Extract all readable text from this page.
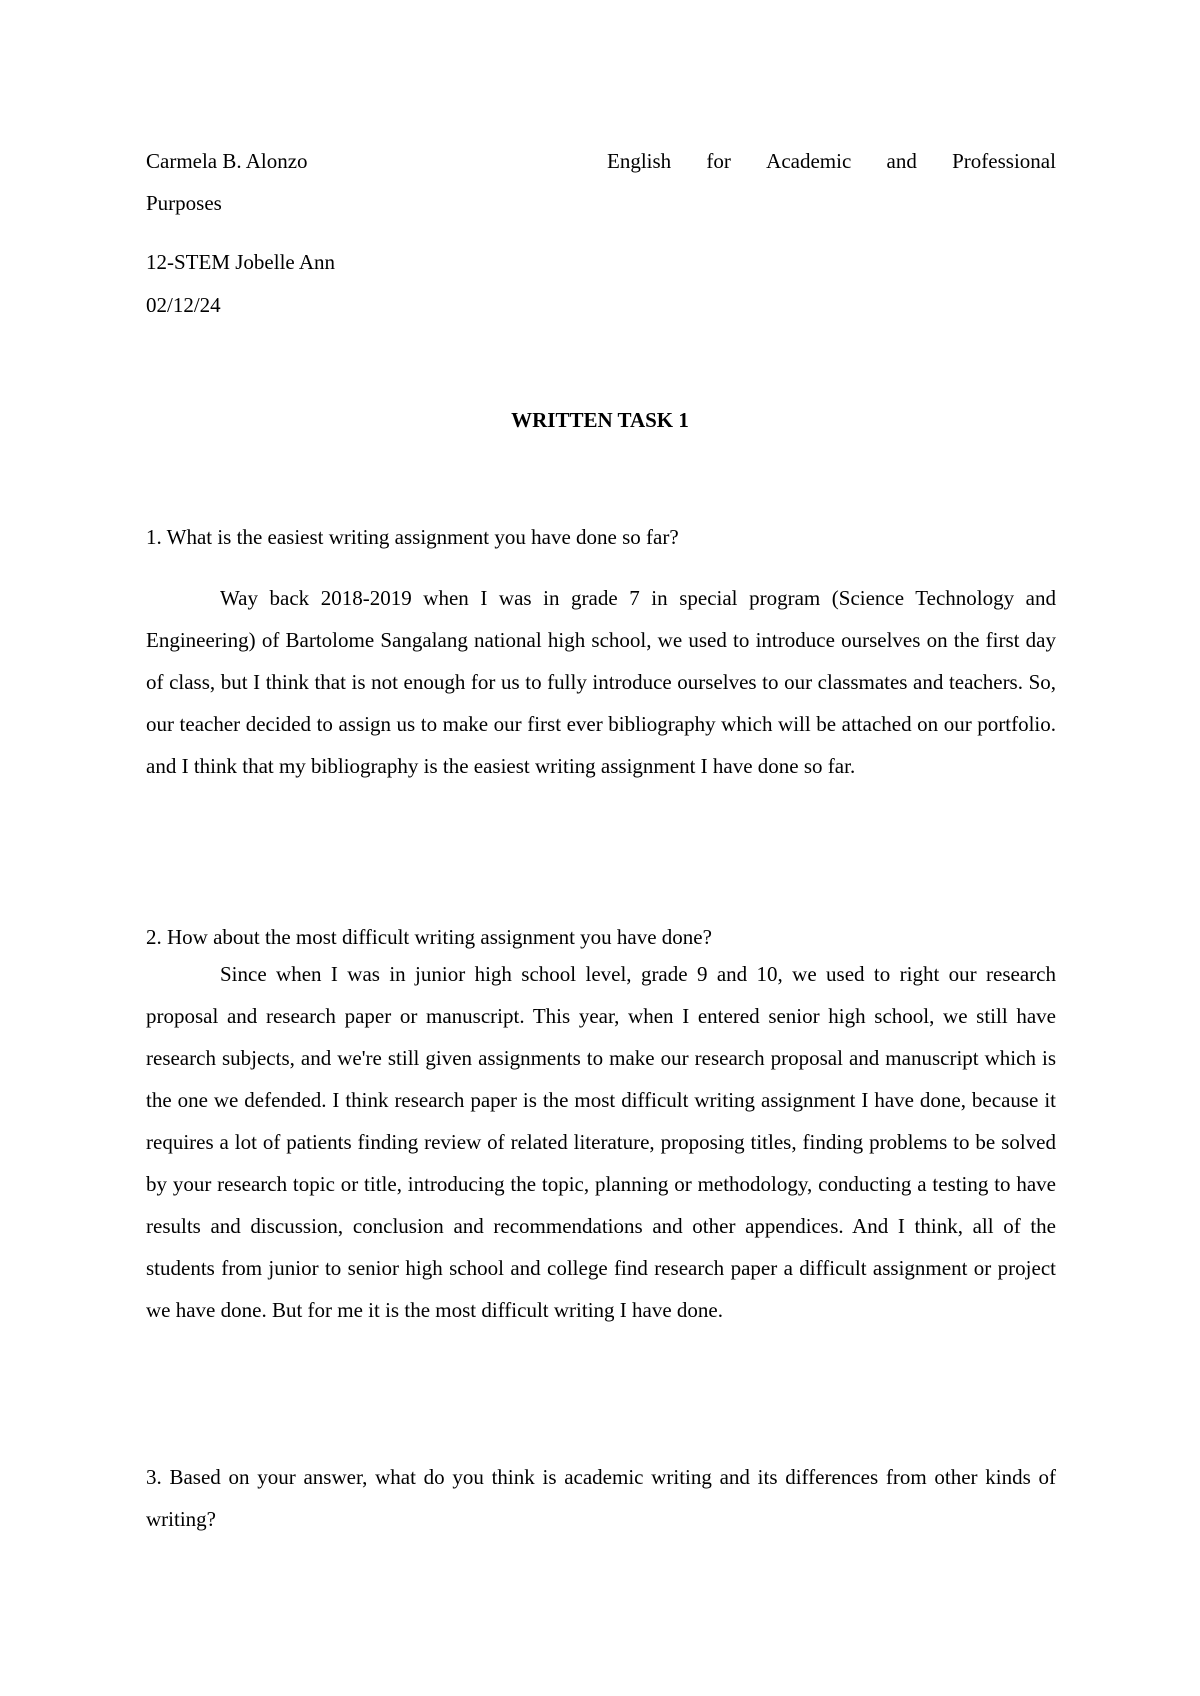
Carmela B. Alonzo	English for Academic and Professional
Purposes
12-STEM Jobelle Ann
02/12/24
WRITTEN TASK 1
1. What is the easiest writing assignment you have done so far?
Way back 2018-2019 when I was in grade 7 in special program (Science Technology and Engineering) of Bartolome Sangalang national high school, we used to introduce ourselves on the first day of class, but I think that is not enough for us to fully introduce ourselves to our classmates and teachers. So, our teacher decided to assign us to make our first ever bibliography which will be attached on our portfolio. and I think that my bibliography is the easiest writing assignment I have done so far.
2. How about the most difficult writing assignment you have done?
Since when I was in junior high school level, grade 9 and 10, we used to right our research proposal and research paper or manuscript. This year, when I entered senior high school, we still have research subjects, and we're still given assignments to make our research proposal and manuscript which is the one we defended. I think research paper is the most difficult writing assignment I have done, because it requires a lot of patients finding review of related literature, proposing titles, finding problems to be solved by your research topic or title, introducing the topic, planning or methodology, conducting a testing to have results and discussion, conclusion and recommendations and other appendices. And I think, all of the students from junior to senior high school and college find research paper a difficult assignment or project we have done. But for me it is the most difficult writing I have done.
3. Based on your answer, what do you think is academic writing and its differences from other kinds of writing?
